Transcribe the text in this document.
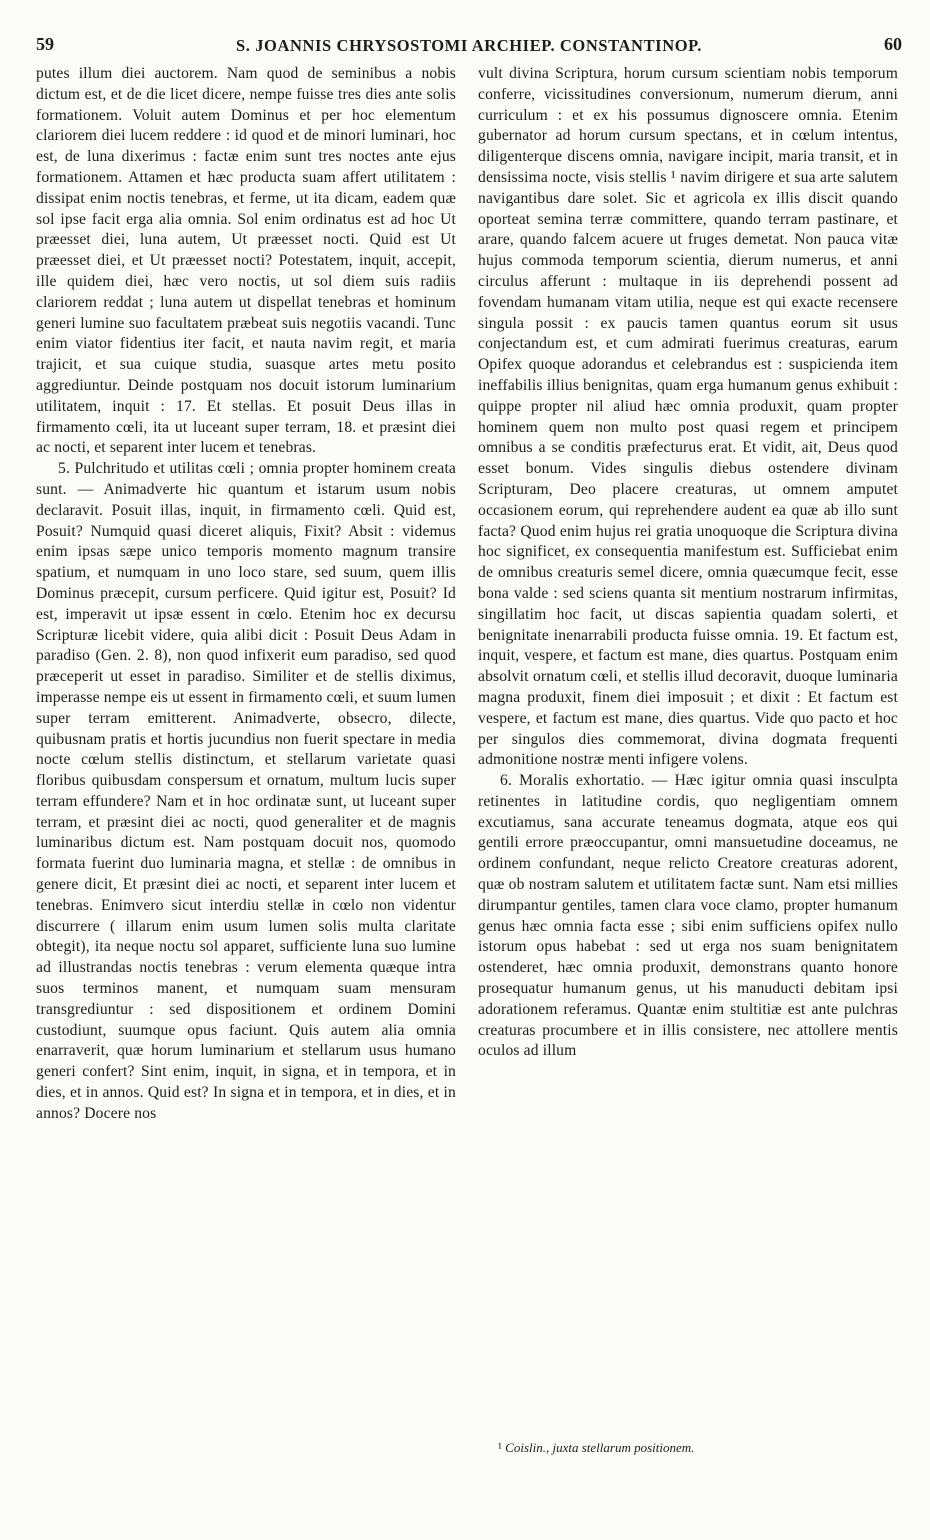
59	S. JOANNIS CHRYSOSTOMI ARCHIEP. CONSTANTINOP.	60

putes illum diei auctorem. Nam quod de seminibus a nobis dictum est, et de die licet dicere, nempe fuisse tres dies ante solis formationem. Voluit autem Dominus et per hoc elementum clariorem diei lucem reddere : id quod et de minori luminari, hoc est, de luna dixerimus : factæ enim sunt tres noctes ante ejus formationem. Attamen et hæc producta suam affert utilitatem : dissipat enim noctis tenebras, et ferme, ut ita dicam, eadem quæ sol ipse facit erga alia omnia. Sol enim ordinatus est ad hoc Ut præesset diei, luna autem, Ut præesset nocti. Quid est Ut præesset diei, et Ut præesset nocti? Potestatem, inquit, accepit, ille quidem diei, hæc vero noctis, ut sol diem suis radiis clariorem reddat ; luna autem ut dispellat tenebras et hominum generi lumine suo facultatem præbeat suis negotiis vacandi. Tunc enim viator fidentius iter facit, et nauta navim regit, et maria trajicit, et sua cuique studia, suasque artes metu posito aggrediuntur. Deinde postquam nos docuit istorum luminarium utilitatem, inquit : 17. Et stellas. Et posuit Deus illas in firmamento cœli, ita ut luceant super terram, 18. et præsint diei ac nocti, et separent inter lucem et tenebras.

5. Pulchritudo et utilitas cœli ; omnia propter hominem creata sunt. — Animadverte hic quantum et istarum usum nobis declaravit. Posuit illas, inquit, in firmamento cœli. Quid est, Posuit? Numquid quasi diceret aliquis, Fixit? Absit : videmus enim ipsas sæpe unico temporis momento magnum transire spatium, et numquam in uno loco stare, sed suum, quem illis Dominus præcepit, cursum perficere. Quid igitur est, Posuit? Id est, imperavit ut ipsæ essent in cœlo. Etenim hoc ex decursu Scripturæ licebit videre, quia alibi dicit : Posuit Deus Adam in paradiso (Gen. 2. 8), non quod infixerit eum paradiso, sed quod præceperit ut esset in paradiso. Similiter et de stellis diximus, imperasse nempe eis ut essent in firmamento cœli, et suum lumen super terram emitterent. Animadverte, obsecro, dilecte, quibusnam pratis et hortis jucundius non fuerit spectare in media nocte cœlum stellis distinctum, et stellarum varietate quasi floribus quibusdam conspersum et ornatum, multum lucis super terram effundere? Nam et in hoc ordinatæ sunt, ut luceant super terram, et præsint diei ac nocti, quod generaliter et de magnis luminaribus dictum est. Nam postquam docuit nos, quomodo formata fuerint duo luminaria magna, et stellæ : de omnibus in genere dicit, Et præsint diei ac nocti, et separent inter lucem et tenebras. Enimvero sicut interdiu stellæ in cœlo non videntur discurrere ( illarum enim usum lumen solis multa claritate obtegit), ita neque noctu sol apparet, sufficiente luna suo lumine ad illustrandas noctis tenebras : verum elementa quæque intra suos terminos manent, et numquam suam mensuram transgrediuntur : sed dispositionem et ordinem Domini custodiunt, suumque opus faciunt. Quis autem alia omnia enarraverit, quæ horum luminarium et stellarum usus humano generi confert? Sint enim, inquit, in signa, et in tempora, et in dies, et in annos. Quid est? In signa et in tempora, et in dies, et in annos? Docere nos

vult divina Scriptura, horum cursum scientiam nobis temporum conferre, vicissitudines conversionum, numerum dierum, anni curriculum : et ex his possumus dignoscere omnia. Etenim gubernator ad horum cursum spectans, et in cœlum intentus, diligenterque discens omnia, navigare incipit, maria transit, et in densissima nocte, visis stellis ¹ navim dirigere et sua arte salutem navigantibus dare solet. Sic et agricola ex illis discit quando oporteat semina terræ committere, quando terram pastinare, et arare, quando falcem acuere ut fruges demetat. Non pauca vitæ hujus commoda temporum scientia, dierum numerus, et anni circulus afferunt : multaque in iis deprehendi possent ad fovendam humanam vitam utilia, neque est qui exacte recensere singula possit : ex paucis tamen quantus eorum sit usus conjectandum est, et cum admirati fuerimus creaturas, earum Opifex quoque adorandus et celebrandus est : suspicienda item ineffabilis illius benignitas, quam erga humanum genus exhibuit : quippe propter nil aliud hæc omnia produxit, quam propter hominem quem non multo post quasi regem et principem omnibus a se conditis præfecturus erat. Et vidit, ait, Deus quod esset bonum. Vides singulis diebus ostendere divinam Scripturam, Deo placere creaturas, ut omnem amputet occasionem eorum, qui reprehendere audent ea quæ ab illo sunt facta? Quod enim hujus rei gratia unoquoque die Scriptura divina hoc significet, ex consequentia manifestum est. Sufficiebat enim de omnibus creaturis semel dicere, omnia quæcumque fecit, esse bona valde : sed sciens quanta sit mentium nostrarum infirmitas, singillatim hoc facit, ut discas sapientia quadam solerti, et benignitate inenarrabili producta fuisse omnia. 19. Et factum est, inquit, vespere, et factum est mane, dies quartus. Postquam enim absolvit ornatum cœli, et stellis illud decoravit, duoque luminaria magna produxit, finem diei imposuit ; et dixit : Et factum est vespere, et factum est mane, dies quartus. Vide quo pacto et hoc per singulos dies commemorat, divina dogmata frequenti admonitione nostræ menti infigere volens.

6. Moralis exhortatio. — Hæc igitur omnia quasi insculpta retinentes in latitudine cordis, quo negligentiam omnem excutiamus, sana accurate teneamus dogmata, atque eos qui gentili errore præoccupantur, omni mansuetudine doceamus, ne ordinem confundant, neque relicto Creatore creaturas adorent, quæ ob nostram salutem et utilitatem factæ sunt. Nam etsi millies dirumpantur gentiles, tamen clara voce clamo, propter humanum genus hæc omnia facta esse ; sibi enim sufficiens opifex nullo istorum opus habebat : sed ut erga nos suam benignitatem ostenderet, hæc omnia produxit, demonstrans quanto honore prosequatur humanum genus, ut his manuducti debitam ipsi adorationem referamus. Quantæ enim stultitiæ est ante pulchras creaturas procumbere et in illis consistere, nec attollere mentis oculos ad illum

¹ Coislin., juxta stellarum positionem.
